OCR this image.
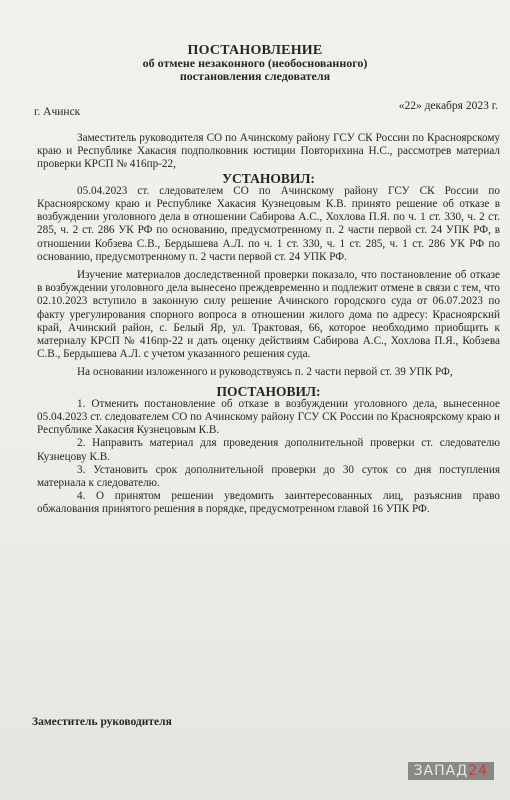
ПОСТАНОВЛЕНИЕ
об отмене незаконного (необоснованного)
постановления следователя
г. Ачинск	«22» декабря 2023 г.

Заместитель руководителя СО по Ачинскому району ГСУ СК России по Красноярскому краю и Республике Хакасия подполковник юстиции Повторихина Н.С., рассмотрев материал проверки КРСП № 416пр-22,

УСТАНОВИЛ:

05.04.2023 ст. следователем СО по Ачинскому району ГСУ СК России по Красноярскому краю и Республике Хакасия Кузнецовым К.В. принято решение об отказе в возбуждении уголовного дела в отношении Сабирова А.С., Хохлова П.Я. по ч. 1 ст. 330, ч. 2 ст. 285, ч. 2 ст. 286 УК РФ по основанию, предусмотренному п. 2 части первой ст. 24 УПК РФ, в отношении Кобзева С.В., Бердышева А.Л. по ч. 1 ст. 330, ч. 1 ст. 285, ч. 1 ст. 286 УК РФ по основанию, предусмотренному п. 2 части первой ст. 24 УПК РФ.

Изучение материалов доследственной проверки показало, что постановление об отказе в возбуждении уголовного дела вынесено преждевременно и подлежит отмене в связи с тем, что 02.10.2023 вступило в законную силу решение Ачинского городского суда от 06.07.2023 по факту урегулирования спорного вопроса в отношении жилого дома по адресу: Красноярский край, Ачинский район, с. Белый Яр, ул. Трактовая, 66, которое необходимо приобщить к материалу КРСП № 416пр-22 и дать оценку действиям Сабирова А.С., Хохлова П.Я., Кобзева С.В., Бердышева А.Л. с учетом указанного решения суда.

На основании изложенного и руководствуясь п. 2 части первой ст. 39 УПК РФ,

ПОСТАНОВИЛ:

1. Отменить постановление об отказе в возбуждении уголовного дела, вынесенное 05.04.2023 ст. следователем СО по Ачинскому району ГСУ СК России по Красноярскому краю и Республике Хакасия Кузнецовым К.В.

2. Направить материал для проведения дополнительной проверки ст. следователю Кузнецову К.В.

3. Установить срок дополнительной проверки до 30 суток со дня поступления материала к следователю.

4. О принятом решении уведомить заинтересованных лиц, разъяснив право обжалования принятого решения в порядке, предусмотренном главой 16 УПК РФ.

Заместитель руководителя
ЗАПАД24
